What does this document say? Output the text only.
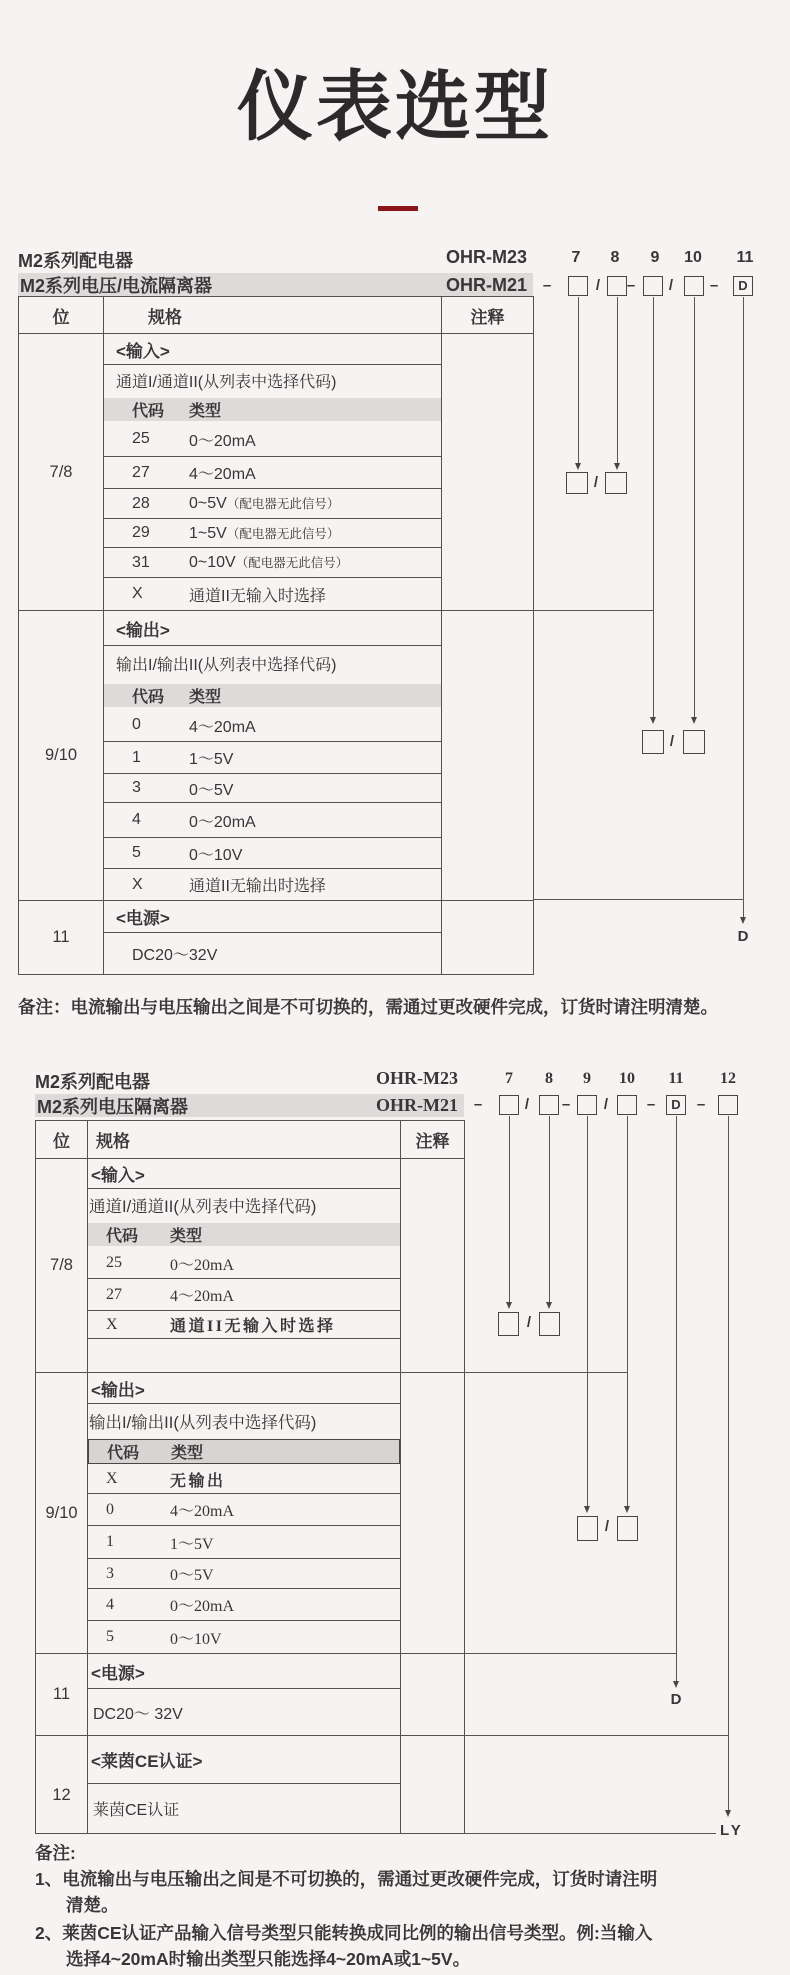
仪表选型
M2系列配电器	OHR-M23	7 8 9 10 11
M2系列电压/电流隔离器	OHR-M21 –	/ – / –	D
/
/
D
位	规格	注释
7/8	<输入>	
	通道I/通道II(从列表中选择代码)	

	代码 类型	

	25 0～20mA	

	27 4～20mA	

	28 0~5V（配电器无此信号）	

	29 1~5V（配电器无此信号）	

	31 0~10V（配电器无此信号）	

	X 通道II无输入时选择	

9/10	<输出>	
	输出I/输出II(从列表中选择代码)	

	代码 类型	

	0 4～20mA	

	1 1～5V	

	3 0～5V	

	4 0～20mA	

	5 0～10V	

	X 通道II无输出时选择	

11	<电源>	
	DC20～32V	
备注：电流输出与电压输出之间是不可切换的，需通过更改硬件完成，订货时请注明清楚。
M2系列配电器	OHR-M23	7 8 9 10 11 12
M2系列电压隔离器	OHR-M21 –	/ – /	–	D	–
/
/
D
LY
位	规格	注释
7/8	<输入>	
	通道I/通道II(从列表中选择代码)	

	代码 类型	

	25 0～20mA	

	27 4～20mA	

	X 通道II无输入时选择	

9/10	<输出>	
	输出I/输出II(从列表中选择代码)	

	代码 类型	

	X 无输出	

	0 4～20mA	

	1 1～5V	

	3 0～5V	

	4 0～20mA	

	5 0～10V	

11	<电源>	
	DC20～ 32V	
12	<莱茵CE认证>	
	莱茵CE认证	
备注:
1、电流输出与电压输出之间是不可切换的，需通过更改硬件完成，订货时请注明
清楚。
2、莱茵CE认证产品输入信号类型只能转换成同比例的输出信号类型。例:当输入
选择4~20mA时输出类型只能选择4~20mA或1~5V。
